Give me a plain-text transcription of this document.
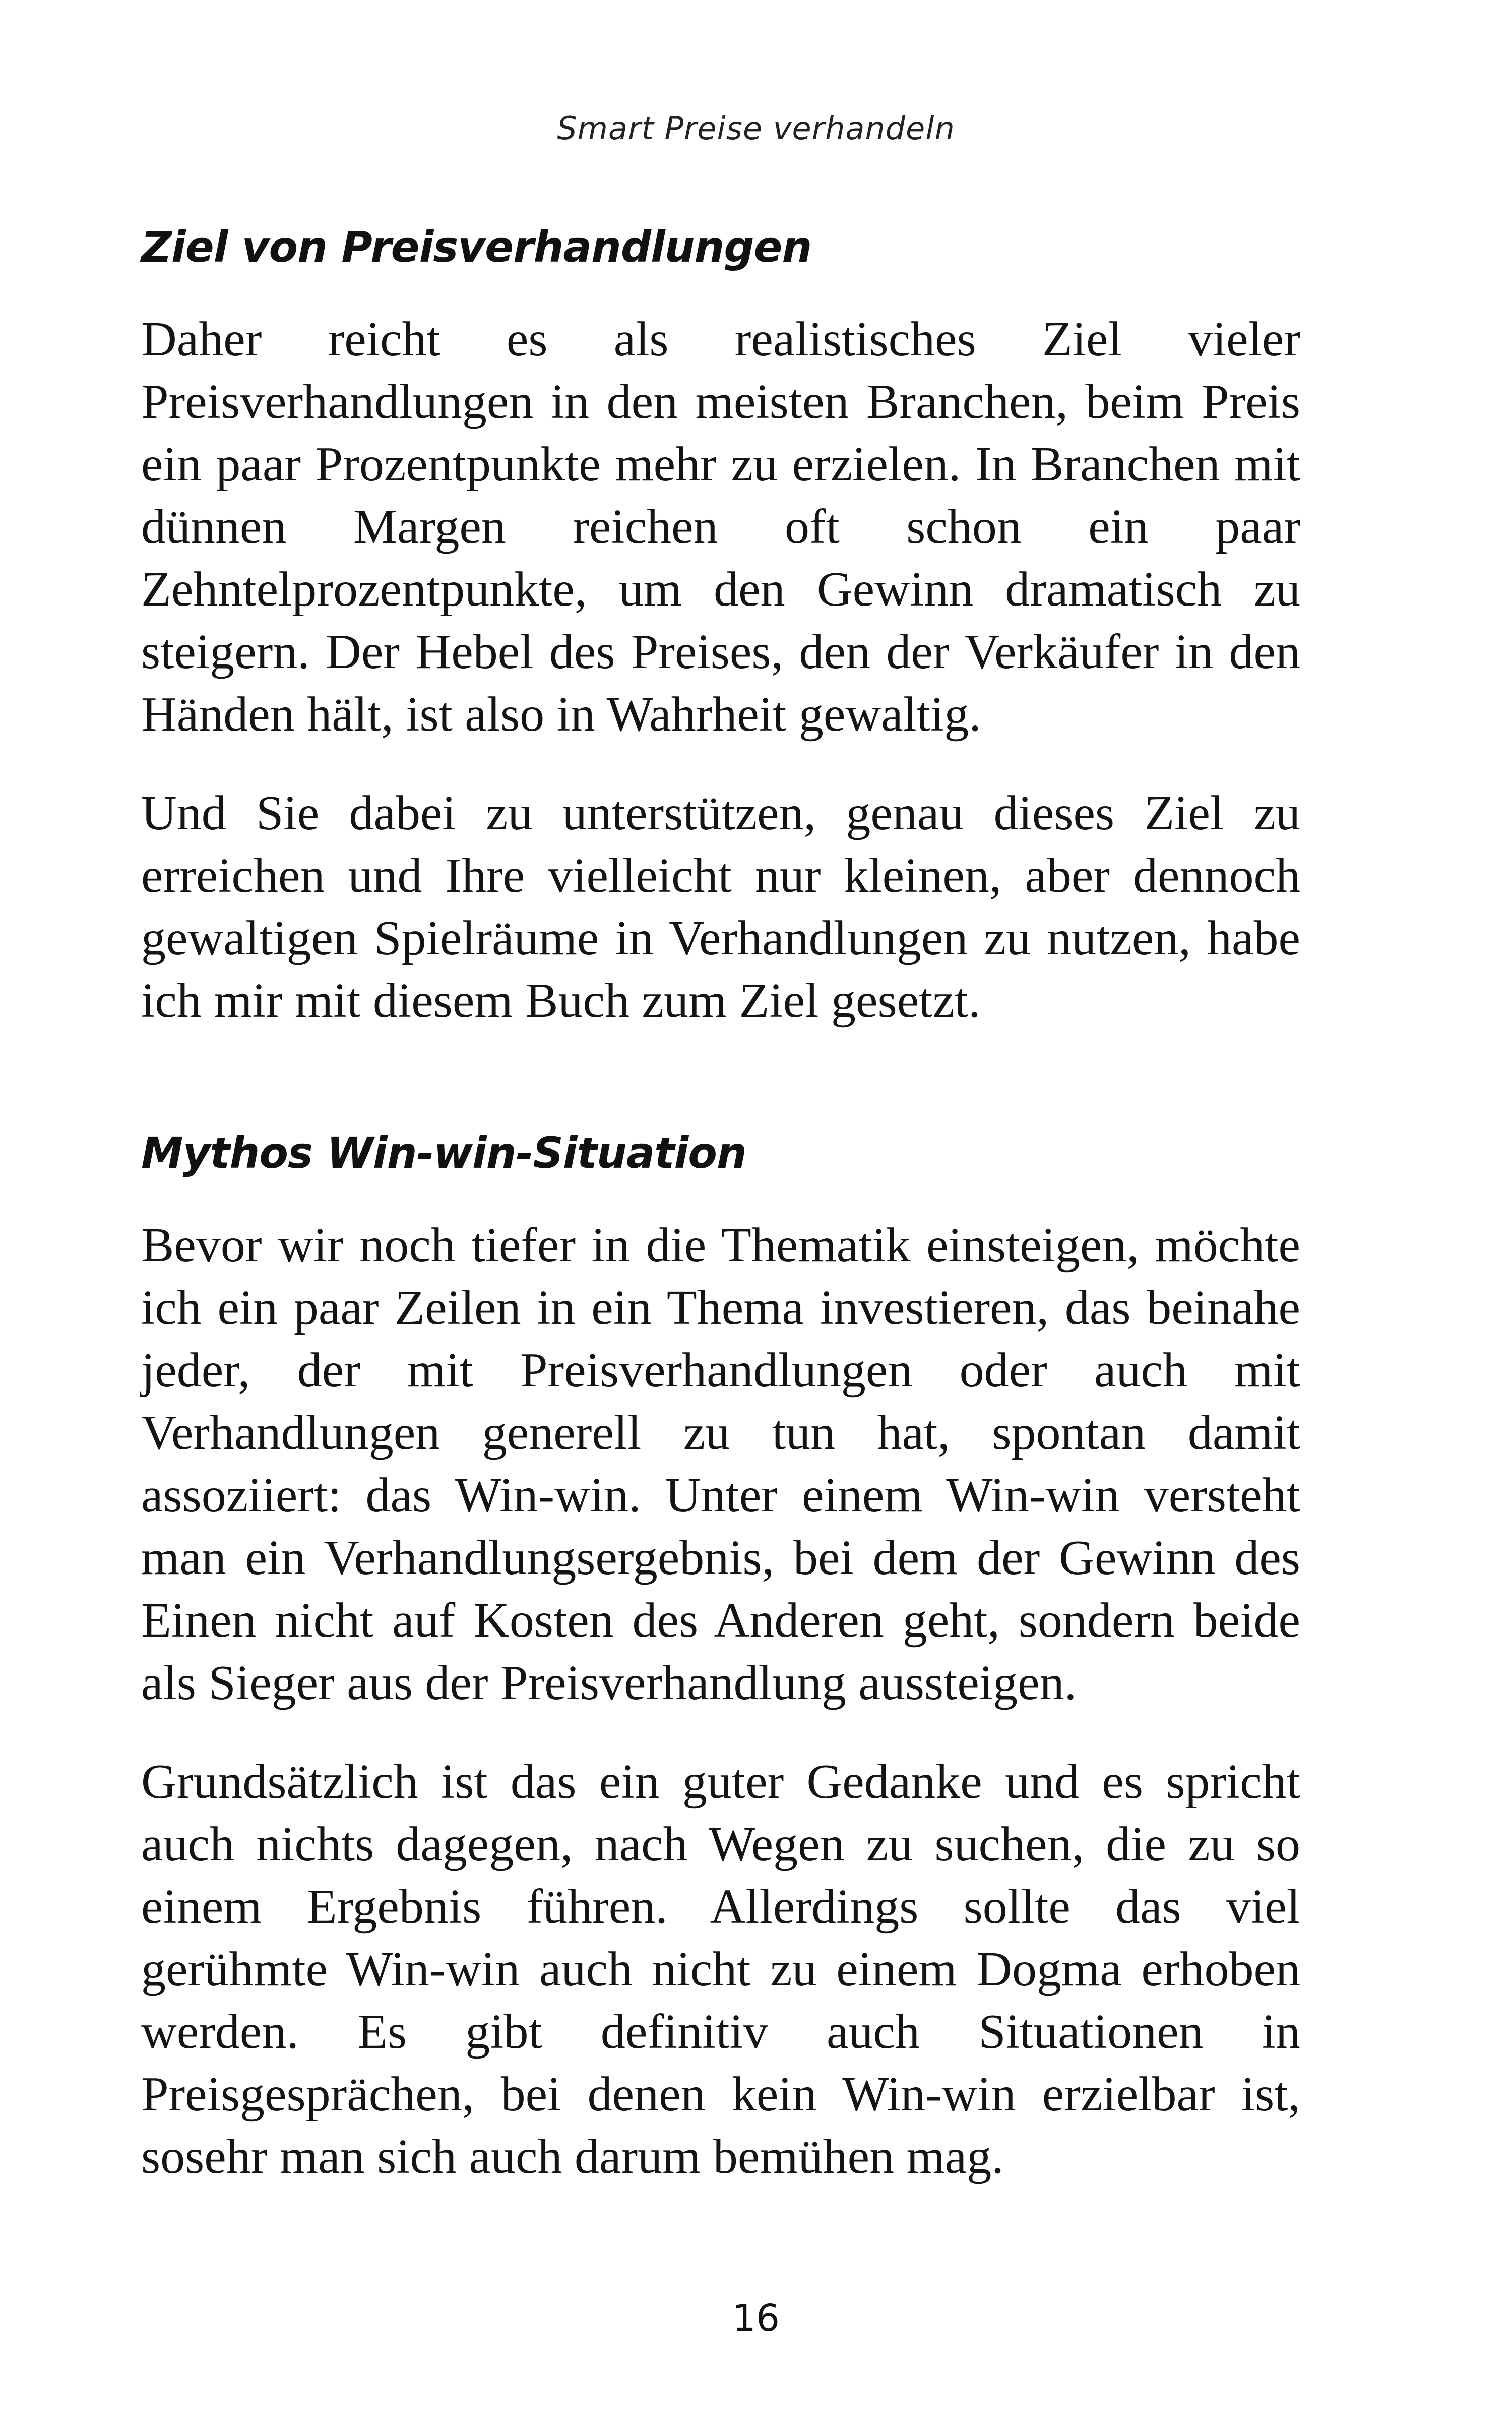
Smart Preise verhandeln
Ziel von Preisverhandlungen

Daher reicht es als realistisches Ziel vieler Preisverhandlungen in den meisten Branchen, beim Preis ein paar Prozentpunkte mehr zu erzielen. In Branchen mit dünnen Margen reichen oft schon ein paar Zehntelprozentpunkte, um den Gewinn dramatisch zu steigern. Der Hebel des Preises, den der Verkäufer in den Händen hält, ist also in Wahrheit gewaltig.

Und Sie dabei zu unterstützen, genau dieses Ziel zu erreichen und Ihre vielleicht nur kleinen, aber dennoch gewaltigen Spielräume in Verhandlungen zu nutzen, habe ich mir mit diesem Buch zum Ziel gesetzt.

Mythos Win-win-Situation

Bevor wir noch tiefer in die Thematik einsteigen, möchte ich ein paar Zeilen in ein Thema investieren, das beinahe jeder, der mit Preisverhandlungen oder auch mit Verhandlungen generell zu tun hat, spontan damit assoziiert: das Win-win. Unter einem Win-win versteht man ein Verhandlungsergebnis, bei dem der Gewinn des Einen nicht auf Kosten des Anderen geht, sondern beide als Sieger aus der Preisverhandlung aussteigen.

Grundsätzlich ist das ein guter Gedanke und es spricht auch nichts dagegen, nach Wegen zu suchen, die zu so einem Ergebnis führen. Allerdings sollte das viel gerühmte Win-win auch nicht zu einem Dogma erhoben werden. Es gibt definitiv auch Situationen in Preisgesprächen, bei denen kein Win-win erzielbar ist, sosehr man sich auch darum bemühen mag.

16
